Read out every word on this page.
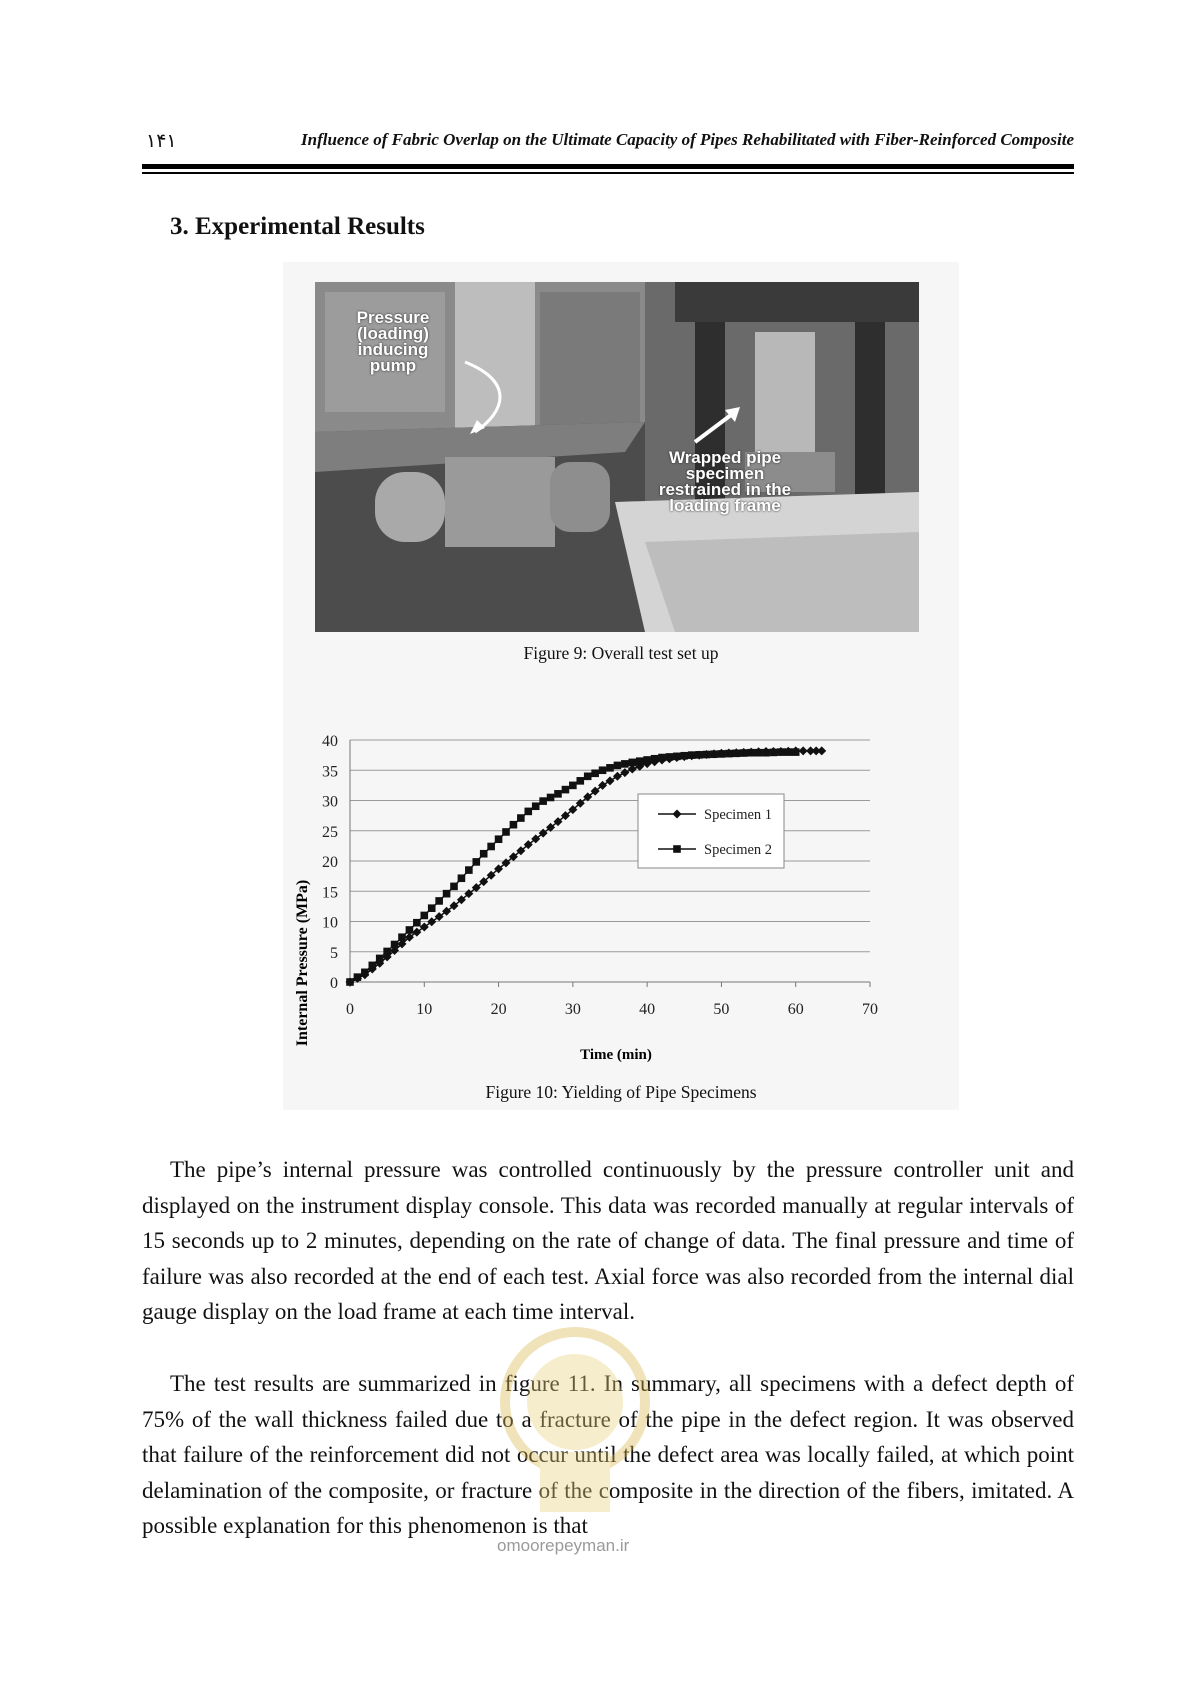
۱۴۱	Influence of Fabric Overlap on the Ultimate Capacity of Pipes Rehabilitated with Fiber-Reinforced Composite
3. Experimental Results
Pressure (loading) inducing pump
Wrapped pipe specimen restrained in the loading frame
Figure 9: Overall test set up
0
5
10
15
20
25
30
35
40
0	10	20	30	40	50	60	70
Specimen 1
Specimen 2
Time (min)
Internal Pressure (MPa)
Figure 10: Yielding of Pipe Specimens

The pipe’s internal pressure was controlled continuously by the pressure controller unit and displayed on the instrument display console. This data was recorded manually at regular intervals of 15 seconds up to 2 minutes, depending on the rate of change of data. The final pressure and time of failure was also recorded at the end of each test. Axial force was also recorded from the internal dial gauge display on the load frame at each time interval.

The test results are summarized in figure 11. In summary, all specimens with a defect depth of 75% of the wall thickness failed due to a fracture of the pipe in the defect region. It was observed that failure of the reinforcement did not occur until the defect area was locally failed, at which point delamination of the composite, or fracture of the composite in the direction of the fibers, imitated. A possible explanation for this phenomenon is that

omoorepeyman.ir
